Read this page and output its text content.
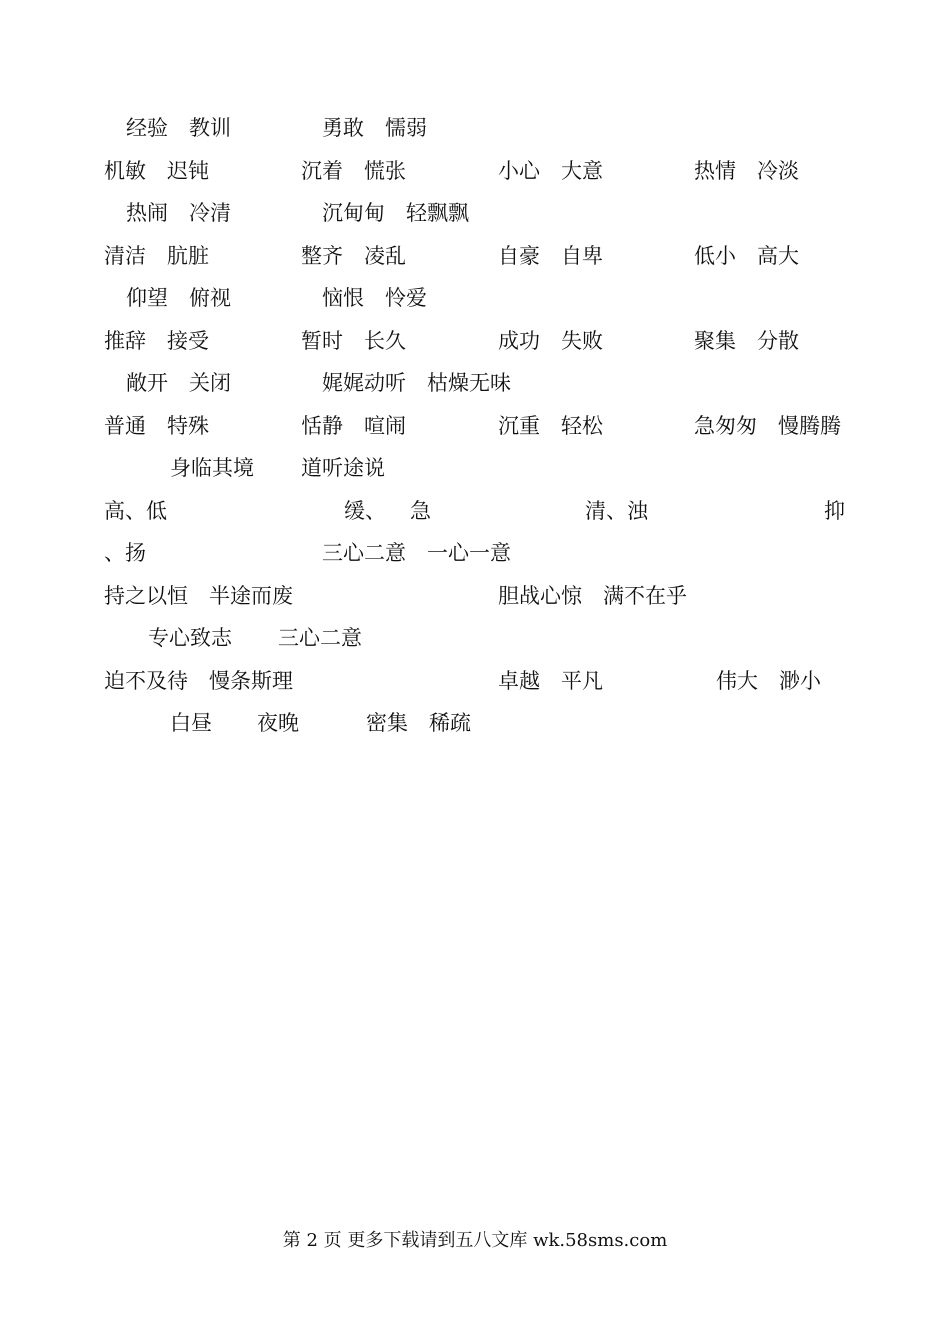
经验　教训	勇敢　懦弱
机敏　迟钝	沉着　慌张	小心　大意	热情　冷淡
热闹　冷清	沉甸甸　轻飘飘
清洁　肮脏	整齐　凌乱	自豪　自卑	低小　高大
仰望　俯视	恼恨　怜爱
推辞　接受	暂时　长久	成功　失败	聚集　分散
敞开　关闭	娓娓动听　枯燥无味
普通　特殊	恬静　喧闹	沉重　轻松	急匆匆　慢腾腾
身临其境 道听途说
高、低	缓、 急	清、浊	抑
、扬	三心二意　一心一意
持之以恒　半途而废	胆战心惊　满不在乎
专心致志 三心二意
迫不及待　慢条斯理	卓越　平凡	伟大　渺小
白昼 夜晚	密集　稀疏
第 2 页 更多下载请到五八文库 wk.58sms.com
